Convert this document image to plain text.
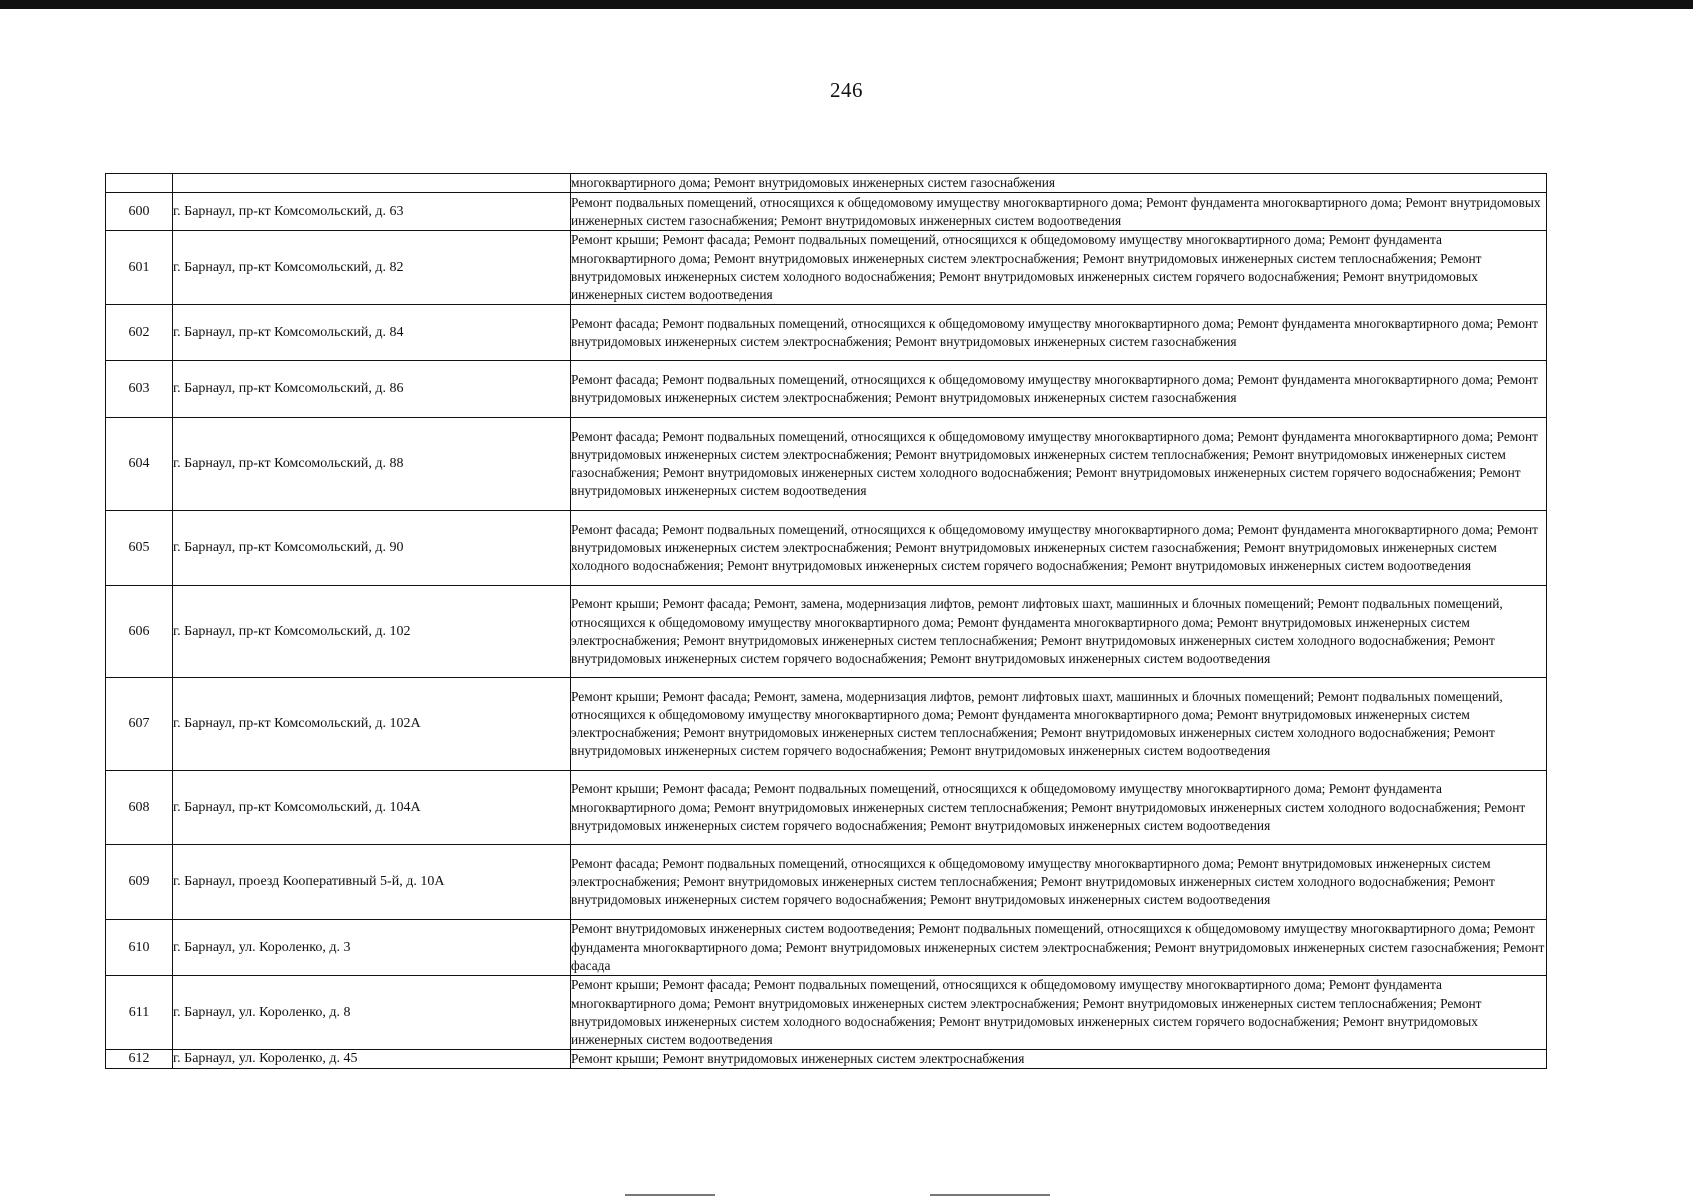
246
		многоквартирного дома; Ремонт внутридомовых инженерных систем газоснабжения
600	г. Барнаул, пр-кт Комсомольский, д. 63	Ремонт подвальных помещений, относящихся к общедомовому имуществу многоквартирного дома; Ремонт фундамента многоквартирного дома; Ремонт внутридомовых инженерных систем газоснабжения; Ремонт внутридомовых инженерных систем водоотведения
601	г. Барнаул, пр-кт Комсомольский, д. 82	Ремонт крыши; Ремонт фасада; Ремонт подвальных помещений, относящихся к общедомовому имуществу многоквартирного дома; Ремонт фундамента многоквартирного дома; Ремонт внутридомовых инженерных систем электроснабжения; Ремонт внутридомовых инженерных систем теплоснабжения; Ремонт внутридомовых инженерных систем холодного водоснабжения; Ремонт внутридомовых инженерных систем горячего водоснабжения; Ремонт внутридомовых инженерных систем водоотведения
602	г. Барнаул, пр-кт Комсомольский, д. 84	Ремонт фасада; Ремонт подвальных помещений, относящихся к общедомовому имуществу многоквартирного дома; Ремонт фундамента многоквартирного дома; Ремонт внутридомовых инженерных систем электроснабжения; Ремонт внутридомовых инженерных систем газоснабжения
603	г. Барнаул, пр-кт Комсомольский, д. 86	Ремонт фасада; Ремонт подвальных помещений, относящихся к общедомовому имуществу многоквартирного дома; Ремонт фундамента многоквартирного дома; Ремонт внутридомовых инженерных систем электроснабжения; Ремонт внутридомовых инженерных систем газоснабжения
604	г. Барнаул, пр-кт Комсомольский, д. 88	Ремонт фасада; Ремонт подвальных помещений, относящихся к общедомовому имуществу многоквартирного дома; Ремонт фундамента многоквартирного дома; Ремонт внутридомовых инженерных систем электроснабжения; Ремонт внутридомовых инженерных систем теплоснабжения; Ремонт внутридомовых инженерных систем газоснабжения; Ремонт внутридомовых инженерных систем холодного водоснабжения; Ремонт внутридомовых инженерных систем горячего водоснабжения; Ремонт внутридомовых инженерных систем водоотведения
605	г. Барнаул, пр-кт Комсомольский, д. 90	Ремонт фасада; Ремонт подвальных помещений, относящихся к общедомовому имуществу многоквартирного дома; Ремонт фундамента многоквартирного дома; Ремонт внутридомовых инженерных систем электроснабжения; Ремонт внутридомовых инженерных систем газоснабжения; Ремонт внутридомовых инженерных систем холодного водоснабжения; Ремонт внутридомовых инженерных систем горячего водоснабжения; Ремонт внутридомовых инженерных систем водоотведения
606	г. Барнаул, пр-кт Комсомольский, д. 102	Ремонт крыши; Ремонт фасада; Ремонт, замена, модернизация лифтов, ремонт лифтовых шахт, машинных и блочных помещений; Ремонт подвальных помещений, относящихся к общедомовому имуществу многоквартирного дома; Ремонт фундамента многоквартирного дома; Ремонт внутридомовых инженерных систем электроснабжения; Ремонт внутридомовых инженерных систем теплоснабжения; Ремонт внутридомовых инженерных систем холодного водоснабжения; Ремонт внутридомовых инженерных систем горячего водоснабжения; Ремонт внутридомовых инженерных систем водоотведения
607	г. Барнаул, пр-кт Комсомольский, д. 102А	Ремонт крыши; Ремонт фасада; Ремонт, замена, модернизация лифтов, ремонт лифтовых шахт, машинных и блочных помещений; Ремонт подвальных помещений, относящихся к общедомовому имуществу многоквартирного дома; Ремонт фундамента многоквартирного дома; Ремонт внутридомовых инженерных систем электроснабжения; Ремонт внутридомовых инженерных систем теплоснабжения; Ремонт внутридомовых инженерных систем холодного водоснабжения; Ремонт внутридомовых инженерных систем горячего водоснабжения; Ремонт внутридомовых инженерных систем водоотведения
608	г. Барнаул, пр-кт Комсомольский, д. 104А	Ремонт крыши; Ремонт фасада; Ремонт подвальных помещений, относящихся к общедомовому имуществу многоквартирного дома; Ремонт фундамента многоквартирного дома; Ремонт внутридомовых инженерных систем теплоснабжения; Ремонт внутридомовых инженерных систем холодного водоснабжения; Ремонт внутридомовых инженерных систем горячего водоснабжения; Ремонт внутридомовых инженерных систем водоотведения
609	г. Барнаул, проезд Кооперативный 5-й, д. 10А	Ремонт фасада; Ремонт подвальных помещений, относящихся к общедомовому имуществу многоквартирного дома; Ремонт внутридомовых инженерных систем электроснабжения; Ремонт внутридомовых инженерных систем теплоснабжения; Ремонт внутридомовых инженерных систем холодного водоснабжения; Ремонт внутридомовых инженерных систем горячего водоснабжения; Ремонт внутридомовых инженерных систем водоотведения
610	г. Барнаул, ул. Короленко, д. 3	Ремонт внутридомовых инженерных систем водоотведения; Ремонт подвальных помещений, относящихся к общедомовому имуществу многоквартирного дома; Ремонт фундамента многоквартирного дома; Ремонт внутридомовых инженерных систем электроснабжения; Ремонт внутридомовых инженерных систем газоснабжения; Ремонт фасада
611	г. Барнаул, ул. Короленко, д. 8	Ремонт крыши; Ремонт фасада; Ремонт подвальных помещений, относящихся к общедомовому имуществу многоквартирного дома; Ремонт фундамента многоквартирного дома; Ремонт внутридомовых инженерных систем электроснабжения; Ремонт внутридомовых инженерных систем теплоснабжения; Ремонт внутридомовых инженерных систем холодного водоснабжения; Ремонт внутридомовых инженерных систем горячего водоснабжения; Ремонт внутридомовых инженерных систем водоотведения
612	г. Барнаул, ул. Короленко, д. 45	Ремонт крыши; Ремонт внутридомовых инженерных систем электроснабжения
